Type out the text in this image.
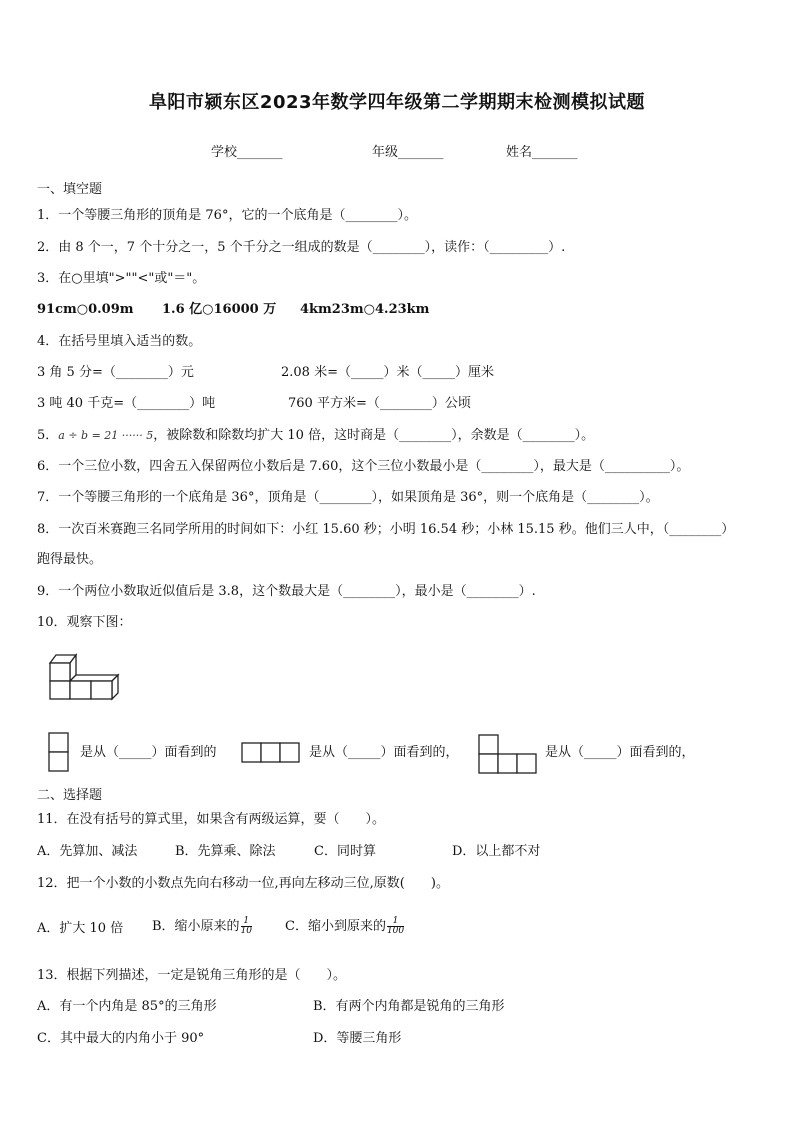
阜阳市颍东区2023年数学四年级第二学期期末检测模拟试题
学校_______	年级_______	姓名_______
一、填空题
1．一个等腰三角形的顶角是 76°，它的一个底角是（________）。
2．由 8 个一，7 个十分之一，5 个千分之一组成的数是（________），读作：（_________）.
3．在○里填">""<"或"＝"。
91cm○0.09m 1.6 亿○16000 万 4km23m○4.23km
4．在括号里填入适当的数。
3 角 5 分=（________）元	2.08 米=（_____）米（_____）厘米
3 吨 40 千克=（________）吨	760 平方米=（________）公顷
5．a ÷ b = 21 ······ 5，被除数和除数均扩大 10 倍，这时商是（________），余数是（________）。
6．一个三位小数，四舍五入保留两位小数后是 7.60，这个三位小数最小是（________），最大是（__________）。
7．一个等腰三角形的一个底角是 36°，顶角是（________），如果顶角是 36°，则一个底角是（________）。
8．一次百米赛跑三名同学所用的时间如下：小红 15.60 秒；小明 16.54 秒；小林 15.15 秒。他们三人中，（________）
跑得最快。
9．一个两位小数取近似值后是 3.8，这个数最大是（________），最小是（________）.
10．观察下图：
是从（_____）面看到的	是从（_____）面看到的，	是从（_____）面看到的，
二、选择题
11．在没有括号的算式里，如果含有两级运算，要（　　）。
A．先算加、减法	B．先算乘、除法	C．同时算	D．以上都不对
12．把一个小数的小数点先向右移动一位,再向左移动三位,原数(　　)。
A．扩大 10 倍 B．缩小原来的 $\frac{1}{10}$	C．缩小到原来的 $\frac{1}{100}$
13．根据下列描述，一定是锐角三角形的是（　　）。
A．有一个内角是 85°的三角形	B．有两个内角都是锐角的三角形
C．其中最大的内角小于 90°	D．等腰三角形
